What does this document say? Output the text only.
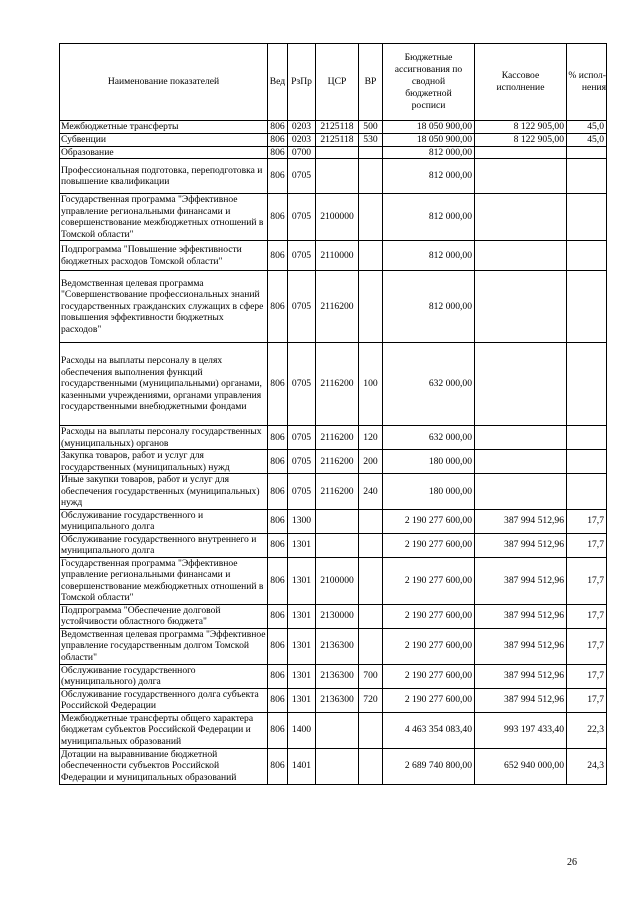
Наименование показателей	Вед	РзПр	ЦСР	ВР	Бюджетные ассигнования по сводной бюджетной росписи	Кассовое исполнение	% испол-нения
Межбюджетные трансферты	806	0203	2125118	500	18 050 900,00	8 122 905,00	45,0
Субвенции	806	0203	2125118	530	18 050 900,00	8 122 905,00	45,0
Образование	806	0700			812 000,00		
Профессиональная подготовка, переподготовка и повышение квалификации	806	0705			812 000,00		
Государственная программа "Эффективное управление региональными финансами и совершенствование межбюджетных отношений в Томской области"	806	0705	2100000		812 000,00		
Подпрограмма "Повышение эффективности бюджетных расходов Томской области"	806	0705	2110000		812 000,00		
Ведомственная целевая программа "Совершенствование профессиональных знаний государственных гражданских служащих в сфере повышения эффективности бюджетных расходов"	806	0705	2116200		812 000,00		
Расходы на выплаты персоналу в целях обеспечения выполнения функций государственными (муниципальными) органами, казенными учреждениями, органами управления государственными внебюджетными фондами	806	0705	2116200	100	632 000,00		
Расходы на выплаты персоналу государственных (муниципальных) органов	806	0705	2116200	120	632 000,00		
Закупка товаров, работ и услуг для государственных (муниципальных) нужд	806	0705	2116200	200	180 000,00		
Иные закупки товаров, работ и услуг для обеспечения государственных (муниципальных) нужд	806	0705	2116200	240	180 000,00		
Обслуживание государственного и муниципального долга	806	1300			2 190 277 600,00	387 994 512,96	17,7
Обслуживание государственного внутреннего и муниципального долга	806	1301			2 190 277 600,00	387 994 512,96	17,7
Государственная программа "Эффективное управление региональными финансами и совершенствование межбюджетных отношений в Томской области"	806	1301	2100000		2 190 277 600,00	387 994 512,96	17,7
Подпрограмма "Обеспечение долговой устойчивости областного бюджета"	806	1301	2130000		2 190 277 600,00	387 994 512,96	17,7
Ведомственная целевая программа "Эффективное управление государственным долгом Томской области"	806	1301	2136300		2 190 277 600,00	387 994 512,96	17,7
Обслуживание государственного (муниципального) долга	806	1301	2136300	700	2 190 277 600,00	387 994 512,96	17,7
Обслуживание государственного долга субъекта Российской Федерации	806	1301	2136300	720	2 190 277 600,00	387 994 512,96	17,7
Межбюджетные трансферты общего характера бюджетам субъектов Российской Федерации и муниципальных образований	806	1400			4 463 354 083,40	993 197 433,40	22,3
Дотации на выравнивание бюджетной обеспеченности субъектов Российской Федерации и муниципальных образований	806	1401			2 689 740 800,00	652 940 000,00	24,3
26
